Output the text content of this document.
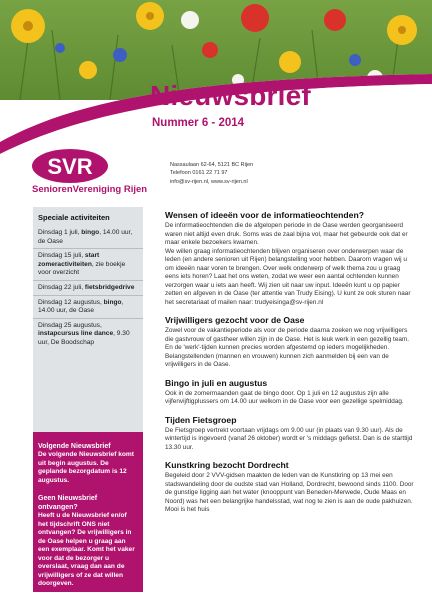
Nieuwsbrief
Nummer 6 - 2014
SVR
SeniorenVereniging Rijen
Nassaulaan 62-64, 5121 BC Rijen
Telefoon 0161 22 71 97
info@sv-rijen.nl, www.sv-rijen.nl
Speciale activiteiten
Dinsdag 1 juli, bingo, 14.00 uur, de Oase
Dinsdag 15 juli, start zomeractiviteiten, zie boekje voor overzicht
Dinsdag 22 juli, fietsbridgedrive
Dinsdag 12 augustus, bingo, 14.00 uur, de Oase
Dinsdag 25 augustus, instapcursus line dance, 9.30 uur, De Boodschap
Volgende Nieuwsbrief
De volgende Nieuwsbrief komt uit begin augustus. De geplande bezorgdatum is 12 augustus.
Geen Nieuwsbrief ontvangen?
Heeft u de Nieuwsbrief en/of het tijdschrift ONS niet ontvangen? De vrijwilligers in de Oase helpen u graag aan een exemplaar. Komt het vaker voor dat de bezorger u overslaat, vraag dan aan de vrijwilligers of ze dat willen doorgeven.
Wensen of ideeën voor de informatieochtenden?

De informatieochtenden die de afgelopen periode in de Oase werden georganiseerd waren niet altijd even druk. Soms was de zaal bijna vol, maar het gebeurde ook dat er maar enkele bezoekers kwamen.

We willen graag informatieochtenden blijven organiseren over onderwerpen waar de leden (en andere senioren uit Rijen) belangstelling voor hebben. Daarom vragen wij u om ideeën naar voren te brengen. Over welk onderwerp of welk thema zou u graag eens iets horen? Laat het ons weten, zodat we weer een aantal ochtenden kunnen verzorgen waar u iets aan heeft. Wij zien uit naar uw input. Ideeën kunt u op papier zetten en afgeven in de Oase (ter attentie van Trudy Eising). U kunt ze ook sturen naar het secretariaat of mailen naar: trudyeisinga@sv-rijen.nl

Vrijwilligers gezocht voor de Oase

Zowel voor de vakantieperiode als voor de periode daarna zoeken we nog vrijwilligers die gastvrouw of gastheer willen zijn in de Oase. Het is leuk werk in een gezellig team. En de 'werk'-tijden kunnen precies worden afgestemd op ieders mogelijkheden. Belangstellenden (mannen en vrouwen) kunnen zich aanmelden bij een van de vrijwilligers in de Oase.

Bingo in juli en augustus

Ook in de zomermaanden gaat de bingo door. Op 1 juli en 12 augustus zijn alle vijfenvijftigplussers om 14.00 uur welkom in de Oase voor een gezellige spelmiddag.

Tijden Fietsgroep

De Fietsgroep vertrekt voortaan vrijdags om 9.00 uur (in plaats van 9.30 uur). Als de wintertijd is ingevoerd (vanaf 26 oktober) wordt er 's middags gefietst. Dan is de starttijd 13.30 uur.

Kunstkring bezocht Dordrecht

Begeleid door 2 VVV-gidsen maakten de leden van de Kunstkring op 13 mei een stadswandeling door de oudste stad van Holland, Dordrecht, bewoond sinds 1100. Door de gunstige ligging aan het water (knooppunt van Beneden-Merwede, Oude Maas en Noord) was het een belangrijke handelsstad, wat nog te zien is aan de oude pakhuizen. Mooi is het huis
